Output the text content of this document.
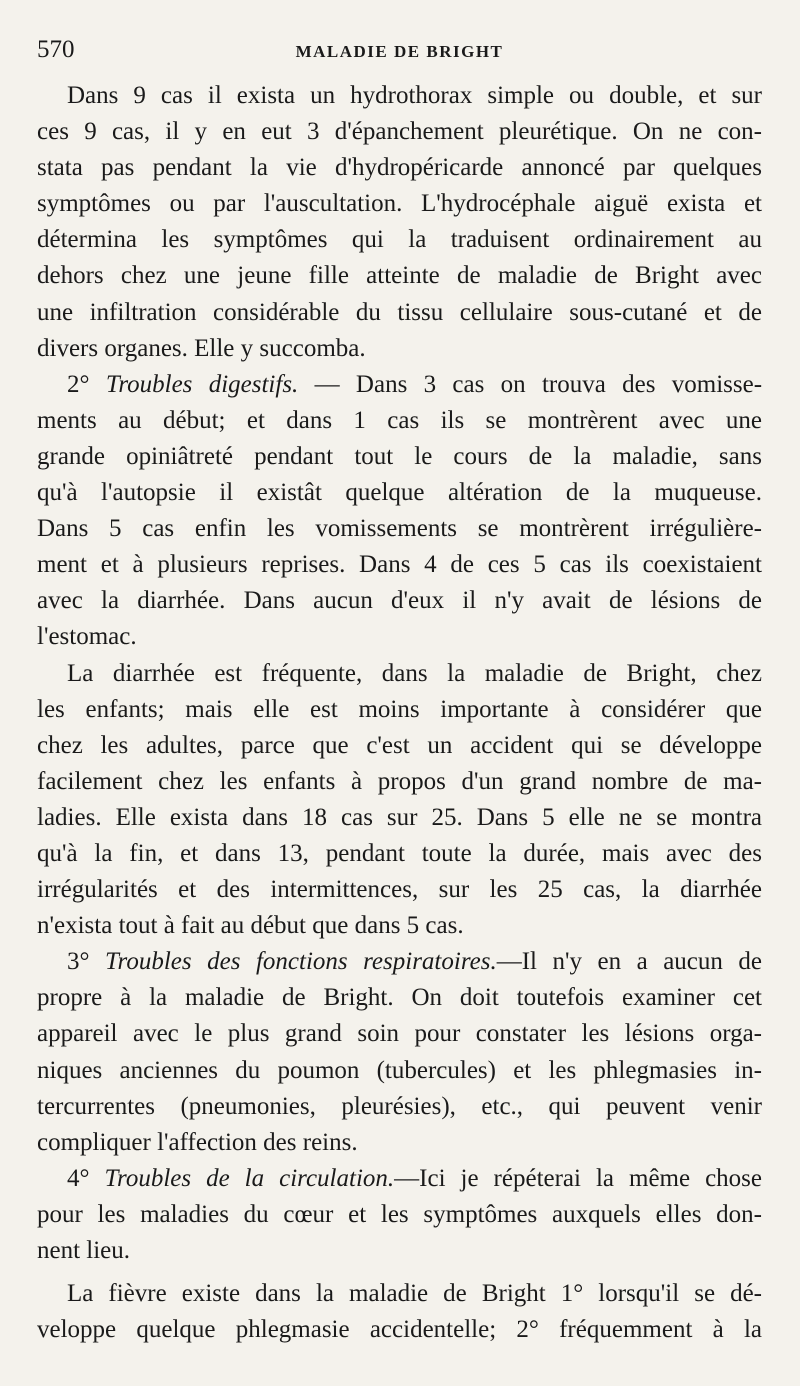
570	MALADIE DE BRIGHT
Dans 9 cas il exista un hydrothorax simple ou double, et sur
ces 9 cas, il y en eut 3 d'épanchement pleurétique. On ne con-
stata pas pendant la vie d'hydropéricarde annoncé par quelques
symptômes ou par l'auscultation. L'hydrocéphale aiguë exista et
détermina les symptômes qui la traduisent ordinairement au
dehors chez une jeune fille atteinte de maladie de Bright avec
une infiltration considérable du tissu cellulaire sous-cutané et de
divers organes. Elle y succomba.
2° Troubles digestifs. — Dans 3 cas on trouva des vomisse-
ments au début; et dans 1 cas ils se montrèrent avec une
grande opiniâtreté pendant tout le cours de la maladie, sans
qu'à l'autopsie il existât quelque altération de la muqueuse.
Dans 5 cas enfin les vomissements se montrèrent irrégulière-
ment et à plusieurs reprises. Dans 4 de ces 5 cas ils coexistaient
avec la diarrhée. Dans aucun d'eux il n'y avait de lésions de
l'estomac.
La diarrhée est fréquente, dans la maladie de Bright, chez
les enfants; mais elle est moins importante à considérer que
chez les adultes, parce que c'est un accident qui se développe
facilement chez les enfants à propos d'un grand nombre de ma-
ladies. Elle exista dans 18 cas sur 25. Dans 5 elle ne se montra
qu'à la fin, et dans 13, pendant toute la durée, mais avec des
irrégularités et des intermittences, sur les 25 cas, la diarrhée
n'exista tout à fait au début que dans 5 cas.
3° Troubles des fonctions respiratoires.—Il n'y en a aucun de
propre à la maladie de Bright. On doit toutefois examiner cet
appareil avec le plus grand soin pour constater les lésions orga-
niques anciennes du poumon (tubercules) et les phlegmasies in-
tercurrentes (pneumonies, pleurésies), etc., qui peuvent venir
compliquer l'affection des reins.
4° Troubles de la circulation.—Ici je répéterai la même chose
pour les maladies du cœur et les symptômes auxquels elles don-
nent lieu.
La fièvre existe dans la maladie de Bright 1° lorsqu'il se dé-
veloppe quelque phlegmasie accidentelle; 2° fréquemment à la
